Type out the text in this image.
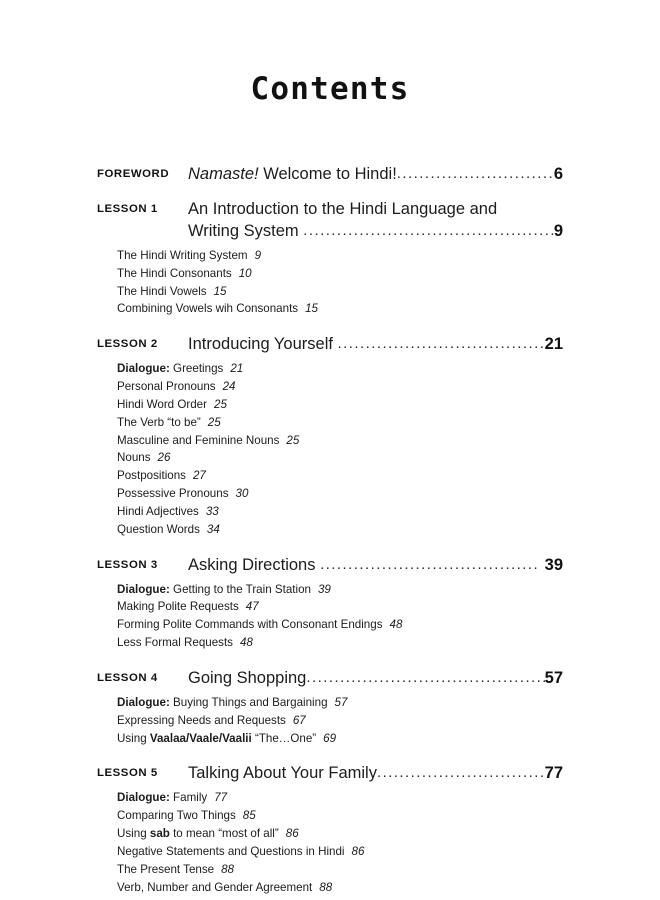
Contents
FOREWORD	Namaste! Welcome to Hindi! .....	6
LESSON 1	An Introduction to the Hindi Language and
Writing System .....	9
The Hindi Writing System 9
The Hindi Consonants 10
The Hindi Vowels 15
Combining Vowels wih Consonants 15
LESSON 2	Introducing Yourself .....	21
Dialogue: Greetings 21
Personal Pronouns 24
Hindi Word Order 25
The Verb “to be” 25
Masculine and Feminine Nouns 25
Nouns 26
Postpositions 27
Possessive Pronouns 30
Hindi Adjectives 33
Question Words 34
LESSON 3	Asking Directions .....	39
Dialogue: Getting to the Train Station 39
Making Polite Requests 47
Forming Polite Commands with Consonant Endings 48
Less Formal Requests 48
LESSON 4	Going Shopping .....	57
Dialogue: Buying Things and Bargaining 57
Expressing Needs and Requests 67
Using Vaalaa/Vaale/Vaalii “The…One” 69
LESSON 5	Talking About Your Family .....	77
Dialogue: Family 77
Comparing Two Things 85
Using sab to mean “most of all” 86
Negative Statements and Questions in Hindi 86
The Present Tense 88
Verb, Number and Gender Agreement 88
